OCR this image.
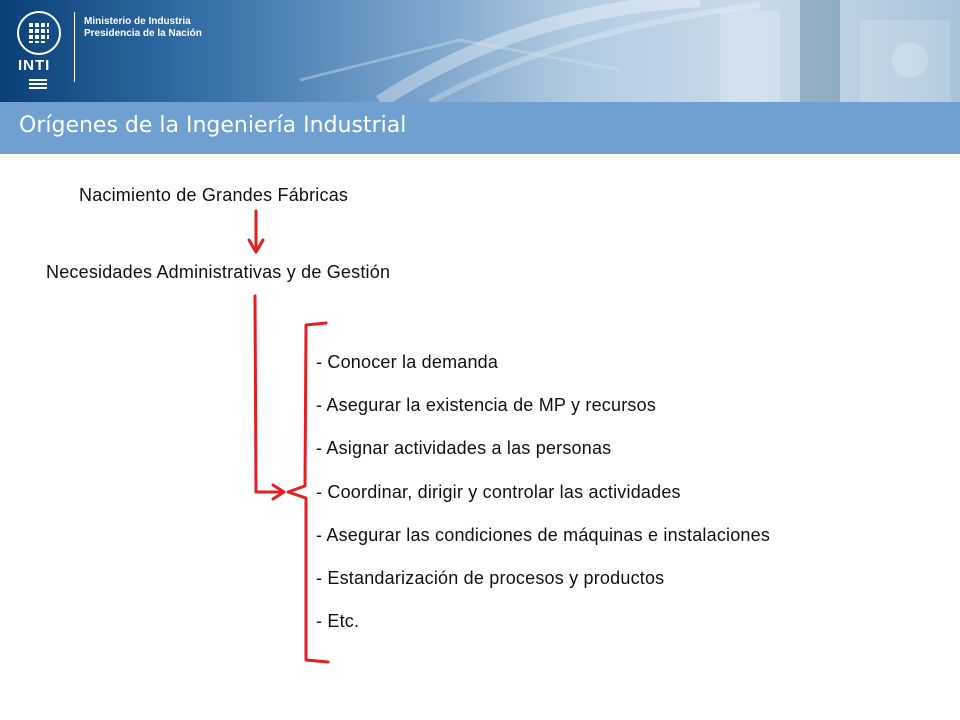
INTI
Ministerio de Industria
Presidencia de la Nación
Orígenes de la Ingeniería Industrial
Nacimiento de Grandes Fábricas
Necesidades Administrativas y de Gestión
- Conocer la demanda
- Asegurar la existencia de MP y recursos
- Asignar actividades a las personas
- Coordinar, dirigir y controlar las actividades
- Asegurar las condiciones de máquinas e instalaciones
- Estandarización de procesos y productos
- Etc.
